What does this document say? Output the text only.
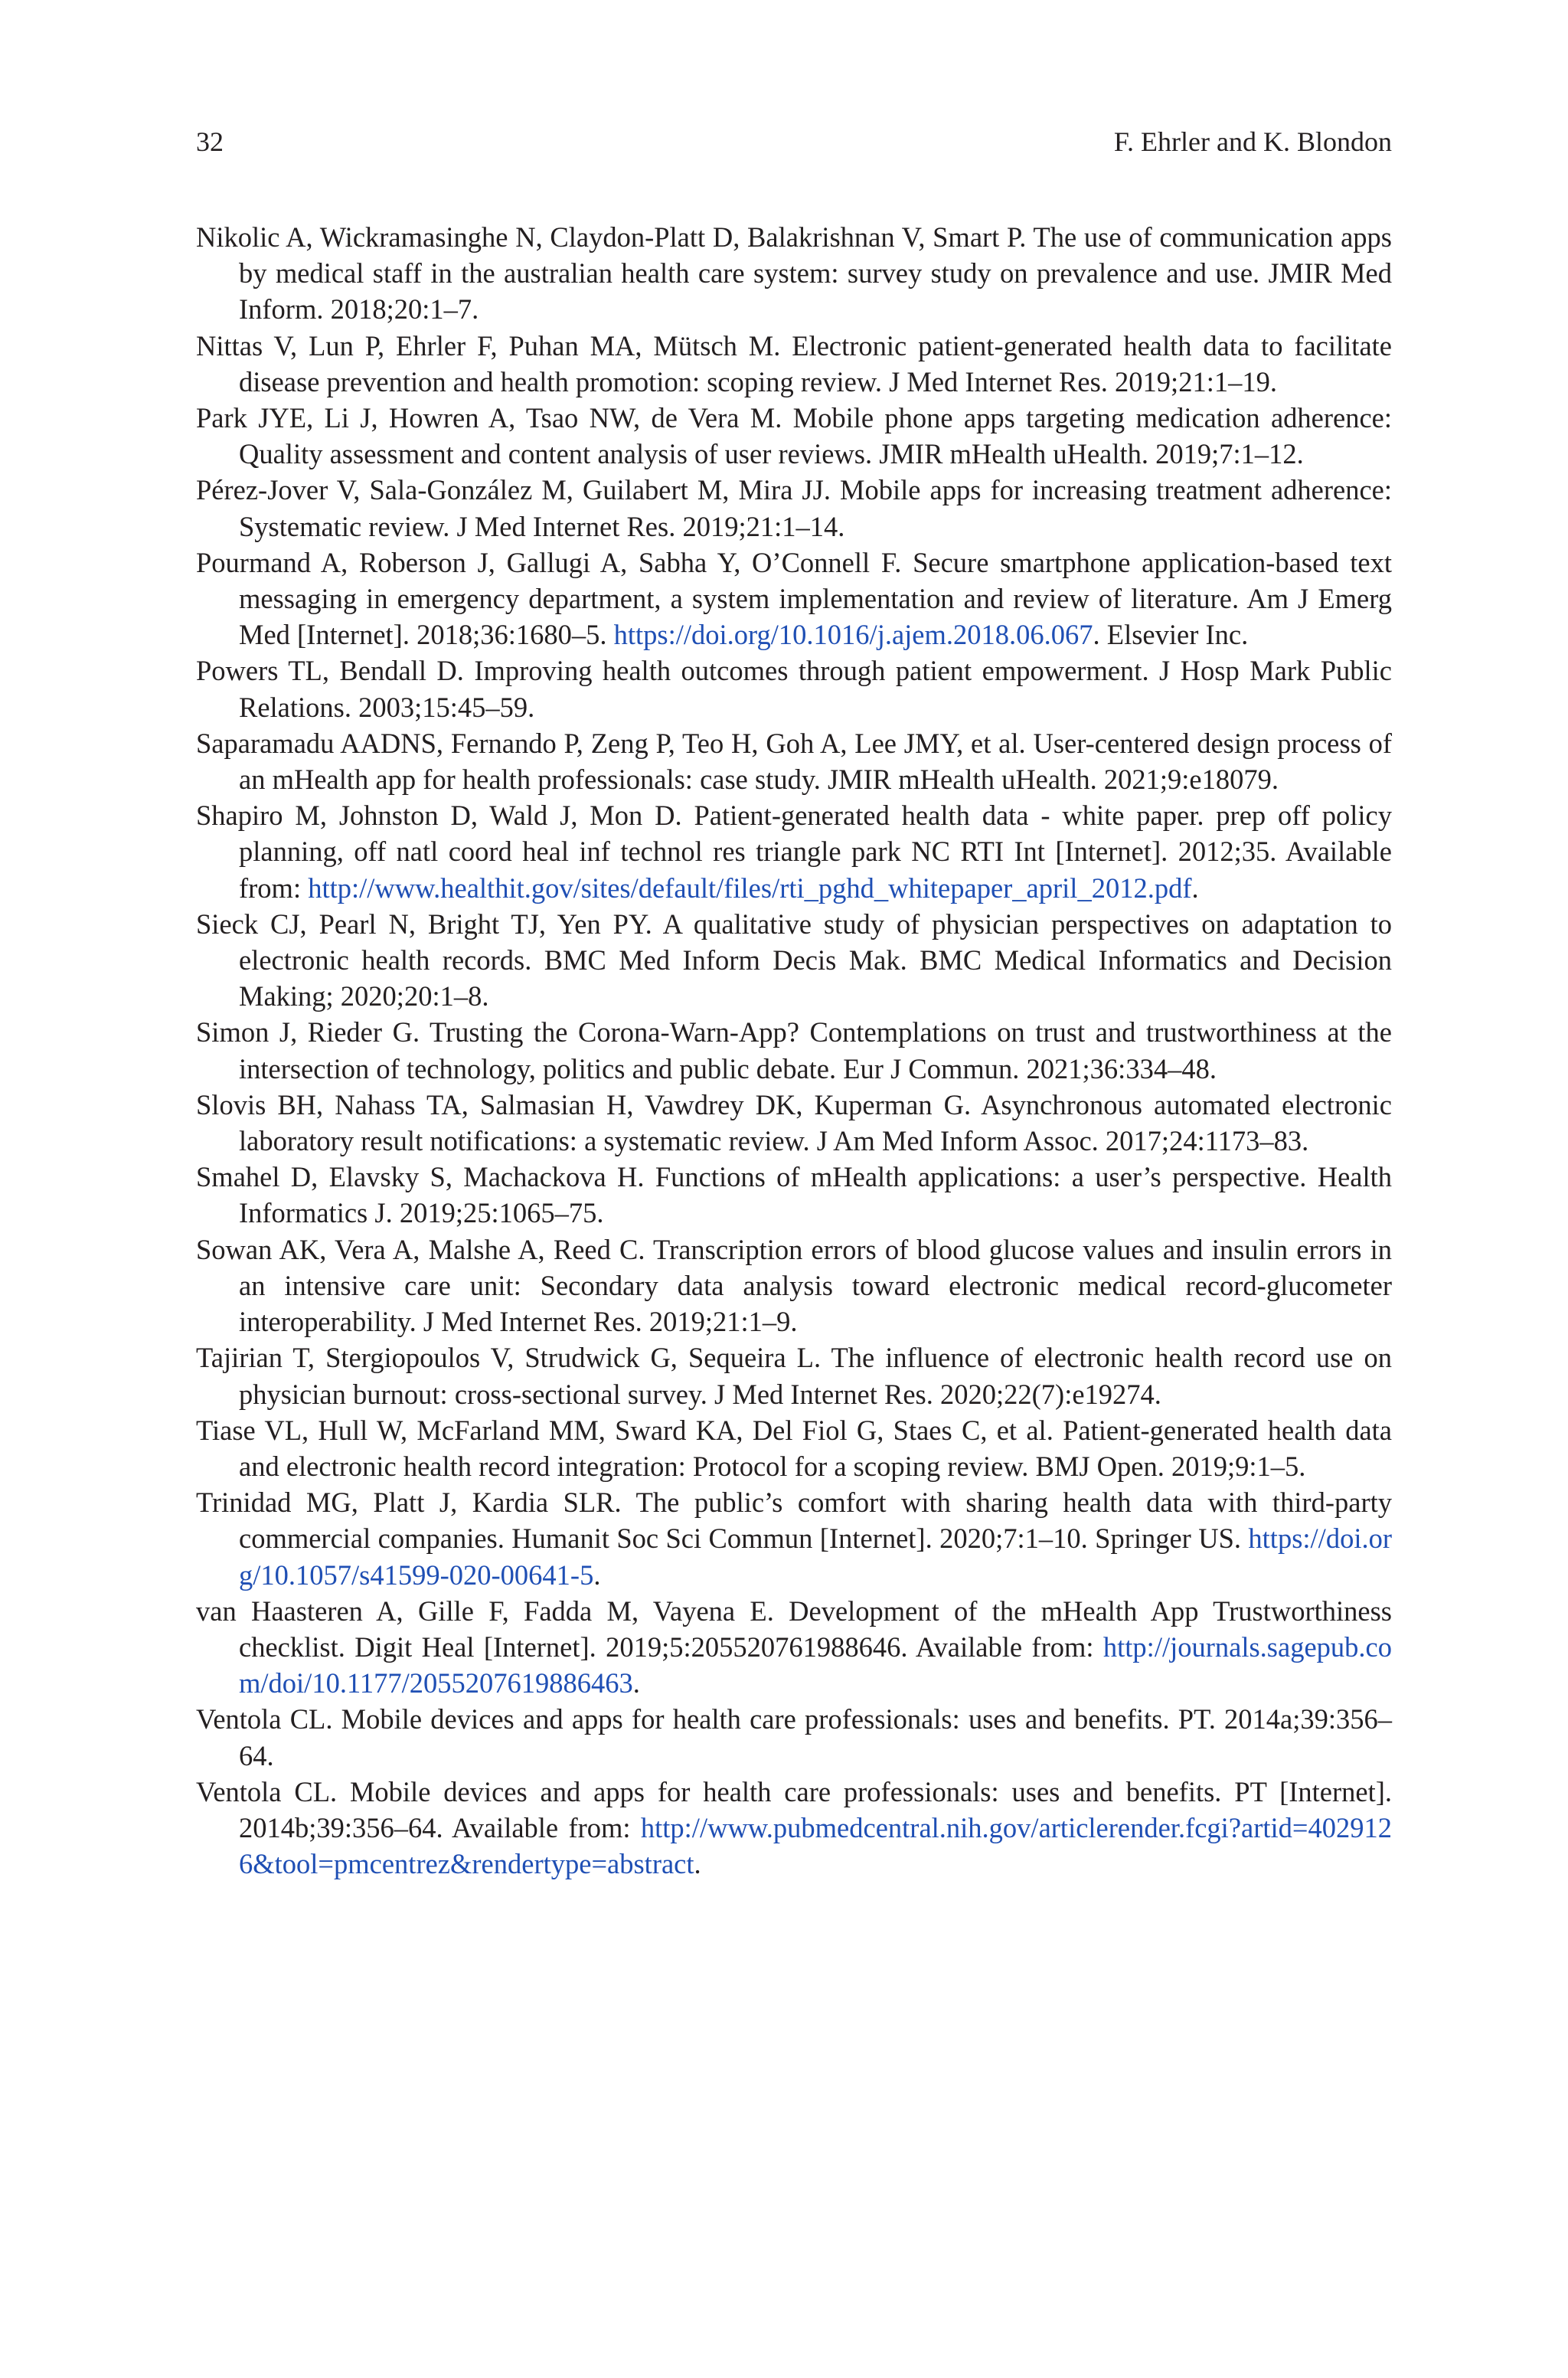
32	F. Ehrler and K. Blondon
Nikolic A, Wickramasinghe N, Claydon-Platt D, Balakrishnan V, Smart P. The use of communication apps by medical staff in the australian health care system: survey study on prevalence and use. JMIR Med Inform. 2018;20:1–7.
Nittas V, Lun P, Ehrler F, Puhan MA, Mütsch M. Electronic patient-generated health data to facilitate disease prevention and health promotion: scoping review. J Med Internet Res. 2019;21:1–19.
Park JYE, Li J, Howren A, Tsao NW, de Vera M. Mobile phone apps targeting medication adherence: Quality assessment and content analysis of user reviews. JMIR mHealth uHealth. 2019;7:1–12.
Pérez-Jover V, Sala-González M, Guilabert M, Mira JJ. Mobile apps for increasing treatment adherence: Systematic review. J Med Internet Res. 2019;21:1–14.
Pourmand A, Roberson J, Gallugi A, Sabha Y, O’Connell F. Secure smartphone application-based text messaging in emergency department, a system implementation and review of literature. Am J Emerg Med [Internet]. 2018;36:1680–5. https://doi.org/10.1016/j.ajem.2018.06.067. Elsevier Inc.
Powers TL, Bendall D. Improving health outcomes through patient empowerment. J Hosp Mark Public Relations. 2003;15:45–59.
Saparamadu AADNS, Fernando P, Zeng P, Teo H, Goh A, Lee JMY, et al. User-centered design process of an mHealth app for health professionals: case study. JMIR mHealth uHealth. 2021;9:e18079.
Shapiro M, Johnston D, Wald J, Mon D. Patient-generated health data - white paper. prep off policy planning, off natl coord heal inf technol res triangle park NC RTI Int [Internet]. 2012;35. Available from: http://www.healthit.gov/sites/default/files/rti_pghd_whitepaper_april_2012.pdf.
Sieck CJ, Pearl N, Bright TJ, Yen PY. A qualitative study of physician perspectives on adaptation to electronic health records. BMC Med Inform Decis Mak. BMC Medical Informatics and Decision Making; 2020;20:1–8.
Simon J, Rieder G. Trusting the Corona-Warn-App? Contemplations on trust and trustworthiness at the intersection of technology, politics and public debate. Eur J Commun. 2021;36:334–48.
Slovis BH, Nahass TA, Salmasian H, Vawdrey DK, Kuperman G. Asynchronous automated electronic laboratory result notifications: a systematic review. J Am Med Inform Assoc. 2017;24:1173–83.
Smahel D, Elavsky S, Machackova H. Functions of mHealth applications: a user’s perspective. Health Informatics J. 2019;25:1065–75.
Sowan AK, Vera A, Malshe A, Reed C. Transcription errors of blood glucose values and insulin errors in an intensive care unit: Secondary data analysis toward electronic medical record-glucometer interoperability. J Med Internet Res. 2019;21:1–9.
Tajirian T, Stergiopoulos V, Strudwick G, Sequeira L. The influence of electronic health record use on physician burnout: cross-sectional survey. J Med Internet Res. 2020;22(7):e19274.
Tiase VL, Hull W, McFarland MM, Sward KA, Del Fiol G, Staes C, et al. Patient-generated health data and electronic health record integration: Protocol for a scoping review. BMJ Open. 2019;9:1–5.
Trinidad MG, Platt J, Kardia SLR. The public’s comfort with sharing health data with third-party commercial companies. Humanit Soc Sci Commun [Internet]. 2020;7:1–10. Springer US. https://doi.org/10.1057/s41599-020-00641-5.
van Haasteren A, Gille F, Fadda M, Vayena E. Development of the mHealth App Trustworthiness checklist. Digit Heal [Internet]. 2019;5:205520761988646. Available from: http://journals.sagepub.com/doi/10.1177/2055207619886463.
Ventola CL. Mobile devices and apps for health care professionals: uses and benefits. PT. 2014a;39:356–64.
Ventola CL. Mobile devices and apps for health care professionals: uses and benefits. PT [Internet]. 2014b;39:356–64. Available from: http://www.pubmedcentral.nih.gov/articlerender.fcgi?artid=4029126&tool=pmcentrez&rendertype=abstract.
